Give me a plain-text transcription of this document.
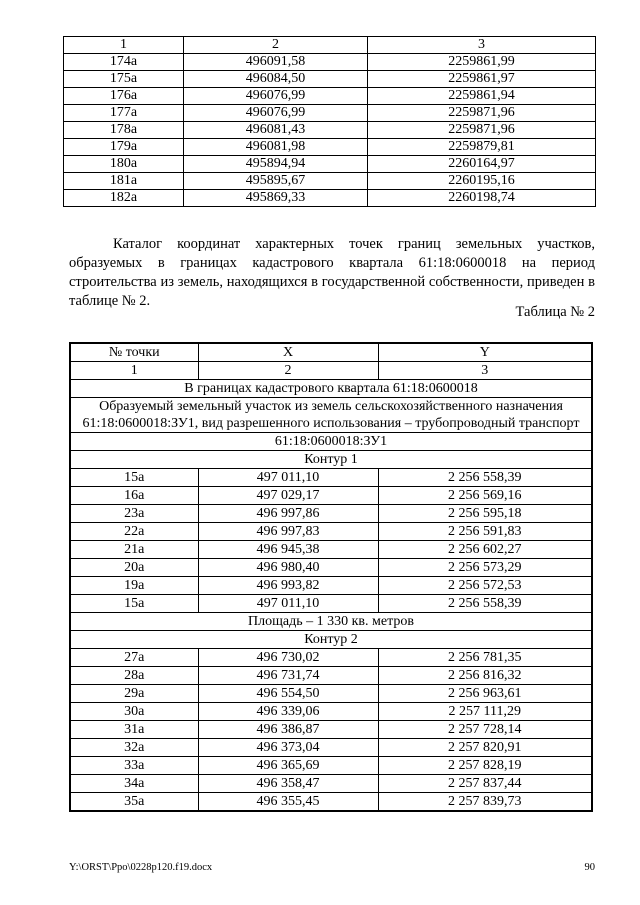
1	2	3
174а	496091,58	2259861,99
175а	496084,50	2259861,97
176а	496076,99	2259861,94
177а	496076,99	2259871,96
178а	496081,43	2259871,96
179а	496081,98	2259879,81
180а	495894,94	2260164,97
181а	495895,67	2260195,16
182а	495869,33	2260198,74
Каталог координат характерных точек границ земельных участков, образуемых в границах кадастрового квартала 61:18:0600018 на период строительства из земель, находящихся в государственной собственности, приведен в таблице № 2.
Таблица № 2
№ точки	X	Y
1	2	3
В границах кадастрового квартала 61:18:0600018		
Образуемый земельный участок из земель сельскохозяйственного назначения 61:18:0600018:ЗУ1, вид разрешенного использования – трубопроводный транспорт		
61:18:0600018:ЗУ1		
Контур 1		
15а	497 011,10	2 256 558,39
16а	497 029,17	2 256 569,16
23а	496 997,86	2 256 595,18
22а	496 997,83	2 256 591,83
21а	496 945,38	2 256 602,27
20а	496 980,40	2 256 573,29
19а	496 993,82	2 256 572,53
15а	497 011,10	2 256 558,39
Площадь – 1 330 кв. метров		
Контур 2		
27а	496 730,02	2 256 781,35
28а	496 731,74	2 256 816,32
29а	496 554,50	2 256 963,61
30а	496 339,06	2 257 111,29
31а	496 386,87	2 257 728,14
32а	496 373,04	2 257 820,91
33а	496 365,69	2 257 828,19
34а	496 358,47	2 257 837,44
35а	496 355,45	2 257 839,73
Y:\ORST\Ppo\0228p120.f19.docx	90
